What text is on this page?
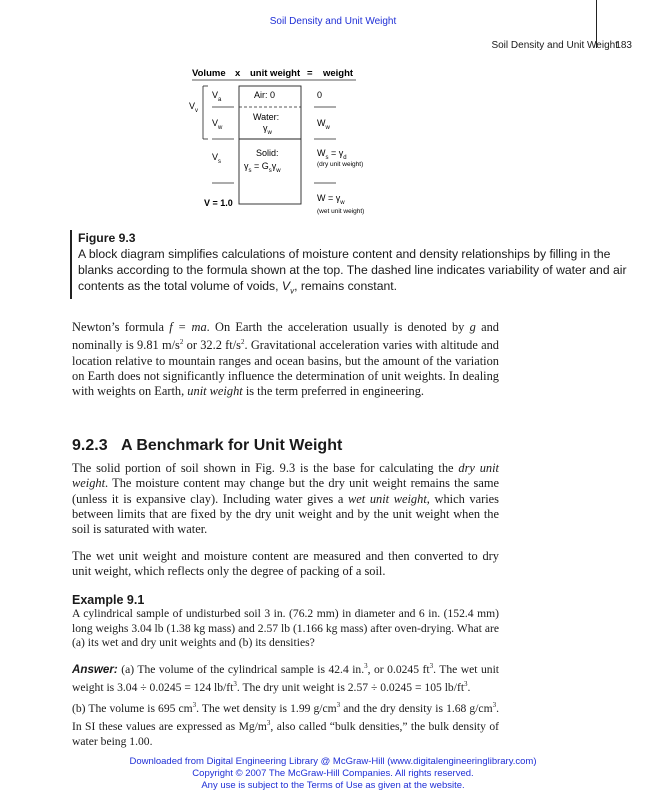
Soil Density and Unit Weight
Soil Density and Unit Weight
183
Volume x unit weight = weight
$V_v$
$V_a$
$V_w$
$V_s$
V = 1.0
Air: 0
Water:
$\gamma_w$
Solid:
$\gamma_s = G_s\gamma_w$
0
$W_w$
$W_s = \gamma_d$
(dry unit weight)
$W = \gamma_w$
(wet unit weight)
Figure 9.3
A block diagram simplifies calculations of moisture content and density relationships by filling in the blanks according to the formula shown at the top. The dashed line indicates variability of water and air contents as the total volume of voids, $V_v$, remains constant.
Newton’s formula f = ma. On Earth the acceleration usually is denoted by g and nominally is 9.81 $m/s^2$ or 32.2 $ft/s^2$. Gravitational acceleration varies with altitude and location relative to mountain ranges and ocean basins, but the amount of the variation on Earth does not significantly influence the determination of unit weights. In dealing with weights on Earth, unit weight is the term preferred in engineering.
9.2.3 A Benchmark for Unit Weight
The solid portion of soil shown in Fig. 9.3 is the base for calculating the dry unit weight. The moisture content may change but the dry unit weight remains the same (unless it is expansive clay). Including water gives a wet unit weight, which varies between limits that are fixed by the dry unit weight and by the unit weight when the soil is saturated with water.
The wet unit weight and moisture content are measured and then converted to dry unit weight, which reflects only the degree of packing of a soil.
Example 9.1
A cylindrical sample of undisturbed soil 3 in. (76.2 mm) in diameter and 6 in. (152.4 mm) long weighs 3.04 lb (1.38 kg mass) and 2.57 lb (1.166 kg mass) after oven-drying. What are (a) its wet and dry unit weights and (b) its densities?
Answer: (a) The volume of the cylindrical sample is 42.4 in.$^3$, or 0.0245 $ft^3$. The wet unit weight is 3.04 ÷ 0.0245 = 124 $lb/ft^3$. The dry unit weight is 2.57 ÷ 0.0245 = 105 $lb/ft^3$.
(b) The volume is 695 $cm^3$. The wet density is 1.99 $g/cm^3$ and the dry density is 1.68 $g/cm^3$. In SI these values are expressed as $Mg/m^3$, also called “bulk densities,” the bulk density of water being 1.00.
Downloaded from Digital Engineering Library @ McGraw-Hill (www.digitalengineeringlibrary.com)
Copyright © 2007 The McGraw-Hill Companies. All rights reserved.
Any use is subject to the Terms of Use as given at the website.
